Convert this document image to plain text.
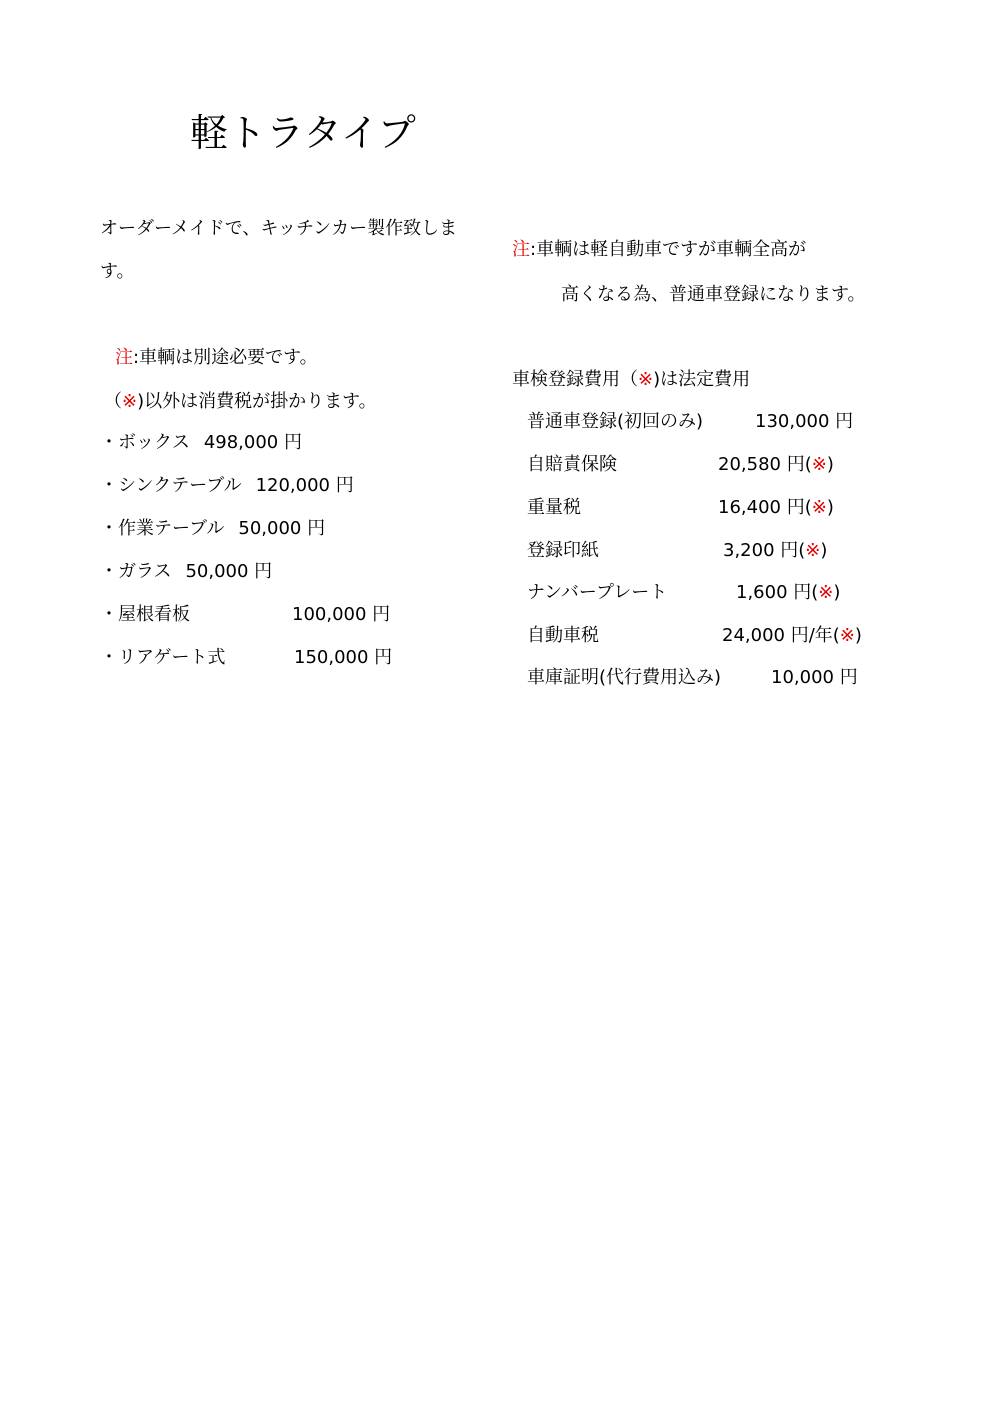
軽トラタイプ
オーダーメイドで、キッチンカー製作致しま
す。
注:車輌は別途必要です。
（※)以外は消費税が掛かります。
・ボックス 498,000 円
・シンクテーブル 120,000 円
・作業テーブル 50,000 円
・ガラス 50,000 円
・屋根看板	100,000 円
・リアゲート式	150,000 円
注:車輌は軽自動車ですが車輌全高が
高くなる為、普通車登録になります。
車検登録費用（※)は法定費用
普通車登録(初回のみ)	130,000 円
自賠責保険	20,580 円(※)
重量税	16,400 円(※)
登録印紙	3,200 円(※)
ナンバープレート	1,600 円(※)
自動車税	24,000 円/年(※)
車庫証明(代行費用込み)	10,000 円
